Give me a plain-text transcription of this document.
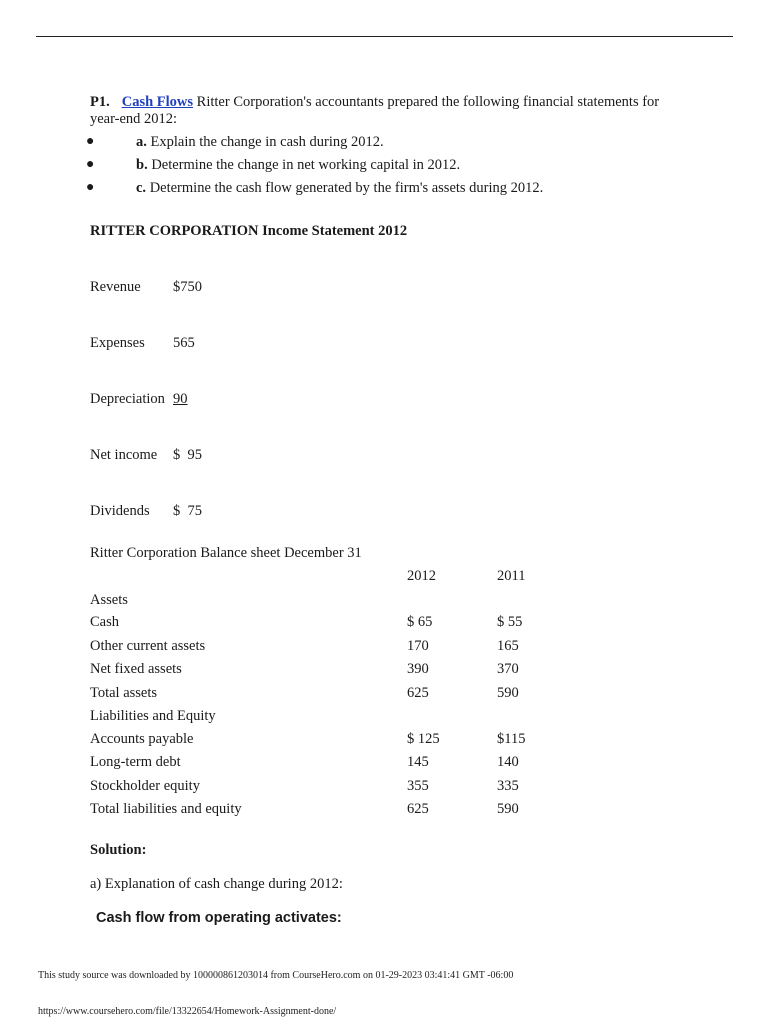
P1. Cash Flows Ritter Corporation's accountants prepared the following financial statements for year-end 2012:
●	a. Explain the change in cash during 2012.
●	b. Determine the change in net working capital in 2012.
●	c. Determine the cash flow generated by the firm's assets during 2012.
RITTER CORPORATION Income Statement 2012
Revenue $750
Expenses 565
Depreciation 90
Net income $  95
Dividends $  75
Ritter Corporation Balance sheet December 31
2012	2011
Assets
Cash	$ 65	$ 55
Other current assets	170	165
Net fixed assets	390	370
Total assets	625	590
Liabilities and Equity
Accounts payable	$ 125	$115
Long-term debt	145	140
Stockholder equity	355	335
Total liabilities and equity	625	590
Solution:
a) Explanation of cash change during 2012:
Cash flow from operating activates:
This study source was downloaded by 100000861203014 from CourseHero.com on 01-29-2023 03:41:41 GMT -06:00
https://www.coursehero.com/file/13322654/Homework-Assignment-done/
